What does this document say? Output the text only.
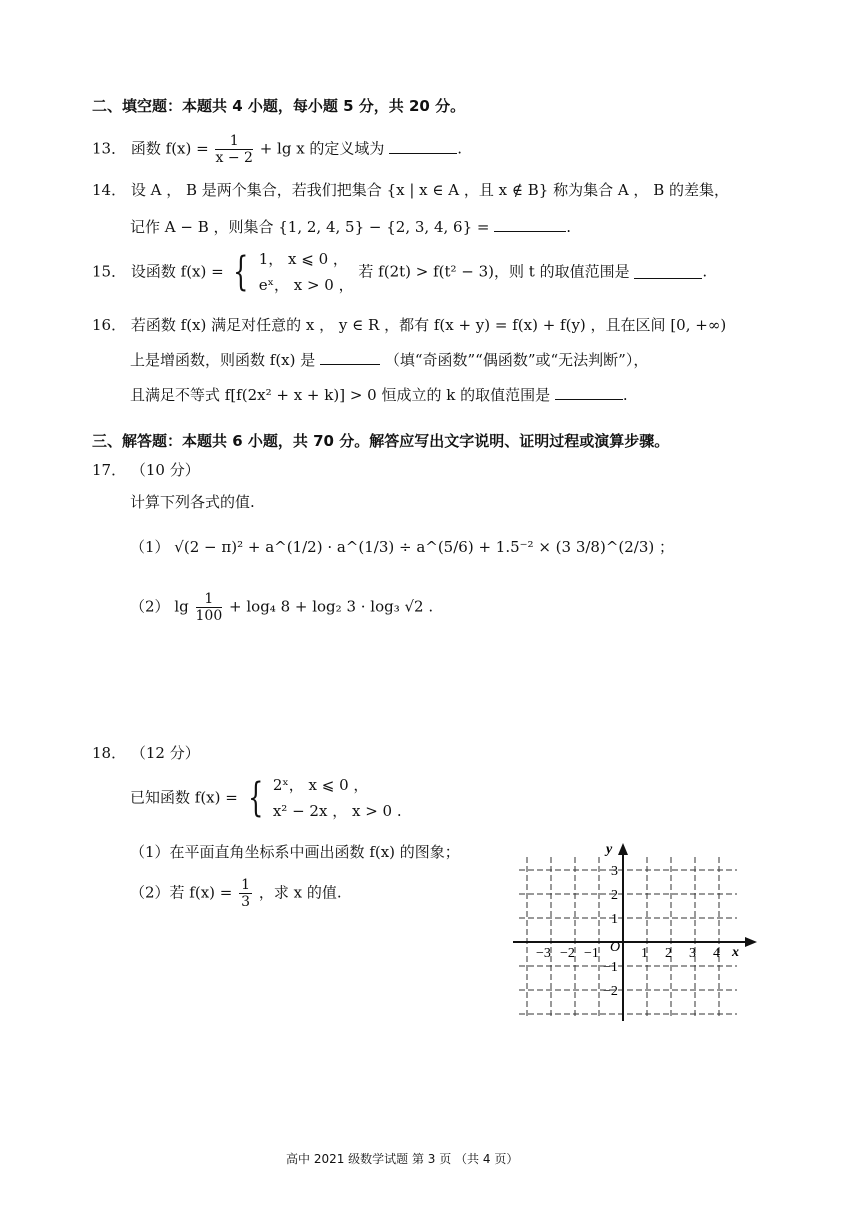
二、填空题：本题共 4 小题，每小题 5 分，共 20 分。
13． 函数 $f(x) = \frac{1}{x - 2} + \lg x$ 的定义域为	.
14． 设 A ， B 是两个集合，若我们把集合 {x | x ∈ A ，且 x ∉ B} 称为集合 A ， B 的差集，
记作 A − B ，则集合 {1, 2, 4, 5} − {2, 3, 4, 6} =	.
15． 设函数 f(x) = { 1， x ⩽ 0 ，
eˣ， x > 0 ，
若 f(2t) > f(t² − 3)，则 t 的取值范围是	.
16． 若函数 f(x) 满足对任意的 x ， y ∈ R ，都有 f(x + y) = f(x) + f(y) ，且在区间 [0, +∞)
上是增函数，则函数 f(x) 是	（填“奇函数”“偶函数”或“无法判断”），
且满足不等式 f[f(2x² + x + k)] > 0 恒成立的 k 的取值范围是	.
三、解答题：本题共 6 小题，共 70 分。解答应写出文字说明、证明过程或演算步骤。
17． （10 分）
计算下列各式的值.
（1） √(2 − π)² + a^(1/2) · a^(1/3) ÷ a^(5/6) + 1.5⁻² × (3 3/8)^(2/3) ；
（2） $\lg \frac{1}{100} + \log_4$ 8 + log₂ 3 · log₃ √2 .
18． （12 分）
已知函数 f(x) = { 2ˣ， x ⩽ 0 ，
x² − 2x ， x > 0 .
（1）在平面直角坐标系中画出函数 f(x) 的图象；
（2）若 $f(x) = \frac{1}{3}$ ，求 x 的值.
x
y
O
−3 −2 −1	1 2 3 4
3
2
1
−1
−2
高中 2021 级数学试题 第 3 页 （共 4 页）
